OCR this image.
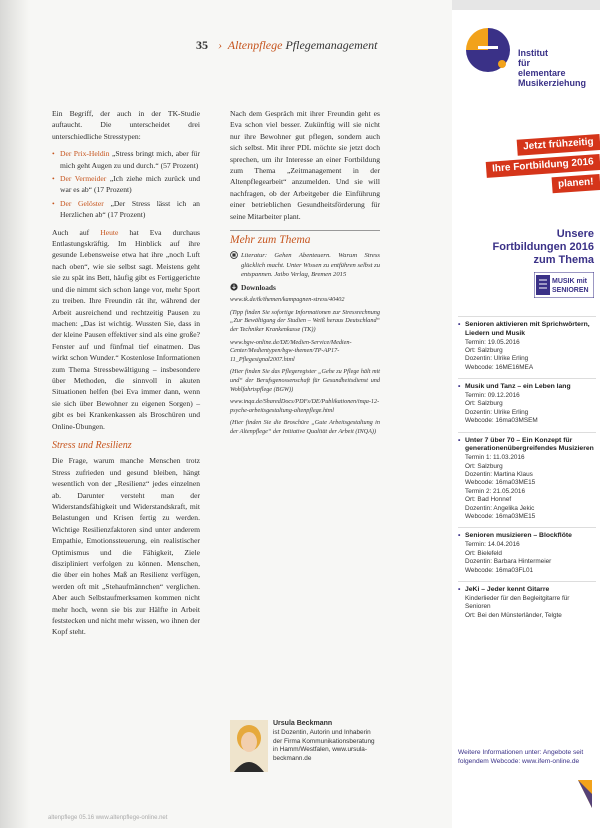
35 › Altenpflege Pflegemanagement

Ein Begriff, der auch in der TK-Studie auftaucht. Die unterscheidet drei unterschiedliche Stresstypen:

• Der Prix-Heldin „Stress bringt mich, aber für mich geht Augen zu und durch.“ (57 Prozent)
• Der Vermeider „Ich ziehe mich zurück und war es ab“ (17 Prozent)
• Der Gelöster „Der Stress lässt ich an Herzlichen ab“ (17 Prozent)

Auch auf Heute hat Eva durchaus Entlastungskräftig. Im Hinblick auf ihre gesunde Lebensweise etwa hat ihre „noch Luft nach oben“, wie sie selbst sagt. Meistens geht sie zu spät ins Bett, häufig gibt es Fertiggerichte und die nimmt sich schon lange vor, mehr Sport zu treiben. Ihre Freundin rät ihr, während der Arbeit ausreichend und rechtzeitig Pausen zu machen: „Das ist wichtig. Wussten Sie, dass in der kleine Pausen effektiver sind als eine große? Fenster auf und fünfmal tief einatmen. Das wirkt schon Wunder.“ Kostenlose Informationen zum Thema Stressbewältigung – insbesondere über Methoden, die sinnvoll in akuten Situationen helfen (bei Eva immer dann, wenn sie sich über Bewohner zu eigenen Sorgen) – gibt es bei Krankenkassen als Broschüren und Online-Übungen.

Stress und Resilienz

Die Frage, warum manche Menschen trotz Stress zufrieden und gesund bleiben, hängt wesentlich von der „Resilienz“ jedes einzelnen ab. Darunter versteht man der Widerstandsfähigkeit und Widerstandskraft, mit Belastungen und Krisen fertig zu werden. Wichtige Resilienzfaktoren sind unter anderem Empathie, Emotionssteuerung, ein realistischer Optimismus und die Fähigkeit, Ziele diszipliniert verfolgen zu können. Menschen, die über ein hohes Maß an Resilienz verfügen, werden oft mit „Stehaufmännchen“ verglichen. Aber auch Selbstaufmerksamen kommen nicht mehr hoch, wenn sie bis zur Hälfte in Arbeit feststecken und nicht mehr wissen, wo ihnen der Kopf steht.

Nach dem Gespräch mit ihrer Freundin geht es Eva schon viel besser. Zukünftig will sie nicht nur ihre Bewohner gut pflegen, sondern auch sich selbst. Mit ihrer PDL möchte sie jetzt doch sprechen, um ihr Interesse an einer Fortbildung zum Thema „Zeitmanagement in der Altenpflegearbeit“ anzumelden. Und sie will nachfragen, ob der Arbeitgeber die Einführung einer betrieblichen Gesundheitsförderung für seine Mitarbeiter plant.

Mehr zum Thema
Literatur: Gehen Abenteuern. Warum Stress glücklich macht. Unter Wissen zu entführen selbst zu entspannen. Jaibo Verlag, Bremen 2015
Downloads

www.tk.de/tk/themen/kampagnen-stress/40402

(Tipp finden Sie sofortige Informationen zur Stressrechnung „Zur Bewältigung der Studien – Weiß heraus Deutschland“ der Techniker Krankenkasse (TK))

www.bgw-online.de/DE/Medien-Service/Medien-Center/Medientypen/bgw-themen/TP-AP17-11_Pflegesignal2007.html

(Hier finden Sie das Pflegeregister „Gehe zu Pflege hält mit und“ der Berufsgenossenschaft für Gesundheitsdienst und Wohlfahrtspflege (BGW))

www.inqa.de/SharedDocs/PDFs/DE/Publikationen/inqa-12-psyche-arbeitsgestaltung-altenpflege.html

(Hier finden Sie die Broschüre „Gute Arbeitsgestaltung in der Altenpflege“ der Initiative Qualität der Arbeit (INQA))

Ursula Beckmann
ist Dozentin, Autorin und Inhaberin der Firma Kommunikationsberatung in Hamm/Westfalen, www.ursula-beckmann.de
altenpflege 05.16 www.altenpflege-online.net
Institut
für
elementare
Musikerziehung
Jetzt frühzeitig
Ihre Fortbildung 2016
planen!
Unsere
Fortbildungen 2016
zum Thema
MUSIK mit
SENIOREN
• Senioren aktivieren mit Sprichwörtern, Liedern und Musik
Termin: 19.05.2016
Ort: Salzburg
Dozentin: Ulrike Erling
Webcode: 16ME16MEA
• Musik und Tanz – ein Leben lang
Termin: 09.12.2016
Ort: Salzburg
Dozentin: Ulrike Erling
Webcode: 16ma03MSEM
• Unter 7 über 70 – Ein Konzept für generationenübergreifendes Musizieren
Termin 1: 11.03.2016
Ort: Salzburg
Dozentin: Martina Klaus
Webcode: 16ma03ME15
Termin 2: 21.05.2016
Ort: Bad Honnef
Dozentin: Angelika Jekic
Webcode: 16ma03ME15
• Senioren musizieren – Blockflöte
Termin: 14.04.2016
Ort: Bielefeld
Dozentin: Barbara Hintermeier
Webcode: 16ma03FL01
• JeKi – Jeder kennt Gitarre
Kinderlieder für den Begleitgitarre für Senioren
Ort: Bei den Münsterländer, Telgte
Weitere Informationen unter: Angebote seit folgendem Webcode: www.ifem-online.de
